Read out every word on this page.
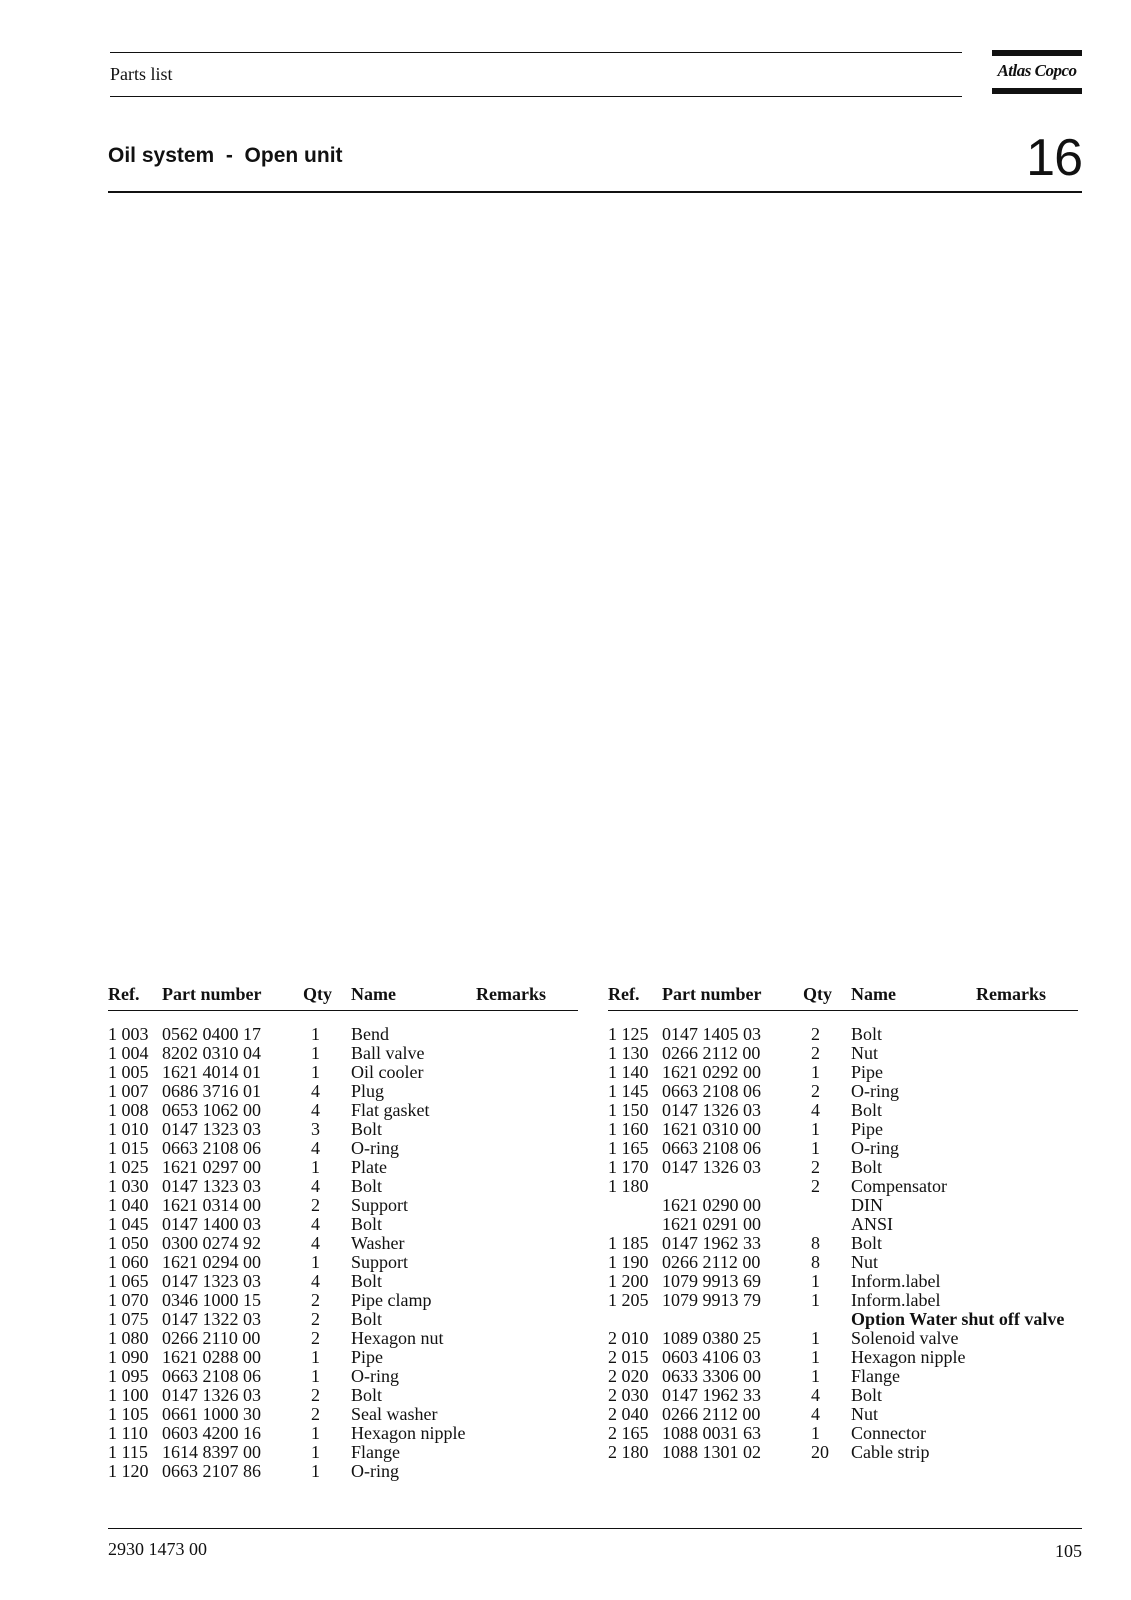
Parts list	Atlas Copco
Oil system  -  Open unit	16
Ref. Part number Qty Name	Remarks
1 003 0562 0400 17	1 Bend
1 004 8202 0310 04	1 Ball valve
1 005 1621 4014 01	1 Oil cooler
1 007 0686 3716 01	4 Plug
1 008 0653 1062 00	4 Flat gasket
1 010 0147 1323 03	3 Bolt
1 015 0663 2108 06	4 O-ring
1 025 1621 0297 00	1 Plate
1 030 0147 1323 03	4 Bolt
1 040 1621 0314 00	2 Support
1 045 0147 1400 03	4 Bolt
1 050 0300 0274 92	4 Washer
1 060 1621 0294 00	1 Support
1 065 0147 1323 03	4 Bolt
1 070 0346 1000 15	2 Pipe clamp
1 075 0147 1322 03	2 Bolt
1 080 0266 2110 00	2 Hexagon nut
1 090 1621 0288 00	1 Pipe
1 095 0663 2108 06	1 O-ring
1 100 0147 1326 03	2 Bolt
1 105 0661 1000 30	2 Seal washer
1 110 0603 4200 16	1 Hexagon nipple
1 115 1614 8397 00	1 Flange
1 120 0663 2107 86	1 O-ring
Ref. Part number Qty Name	Remarks
1 125 0147 1405 03	2 Bolt
1 130 0266 2112 00	2 Nut
1 140 1621 0292 00	1 Pipe
1 145 0663 2108 06	2 O-ring
1 150 0147 1326 03	4 Bolt
1 160 1621 0310 00	1 Pipe
1 165 0663 2108 06	1 O-ring
1 170 0147 1326 03	2 Bolt
1 180	2 Compensator
1621 0290 00	DIN
1621 0291 00	ANSI
1 185 0147 1962 33	8 Bolt
1 190 0266 2112 00	8 Nut
1 200 1079 9913 69	1 Inform.label
1 205 1079 9913 79	1 Inform.label
Option Water shut off valve
2 010 1089 0380 25	1 Solenoid valve
2 015 0603 4106 03	1 Hexagon nipple
2 020 0633 3306 00	1 Flange
2 030 0147 1962 33	4 Bolt
2 040 0266 2112 00	4 Nut
2 165 1088 0031 63	1 Connector
2 180 1088 1301 02	20 Cable strip
2930 1473 00	105
